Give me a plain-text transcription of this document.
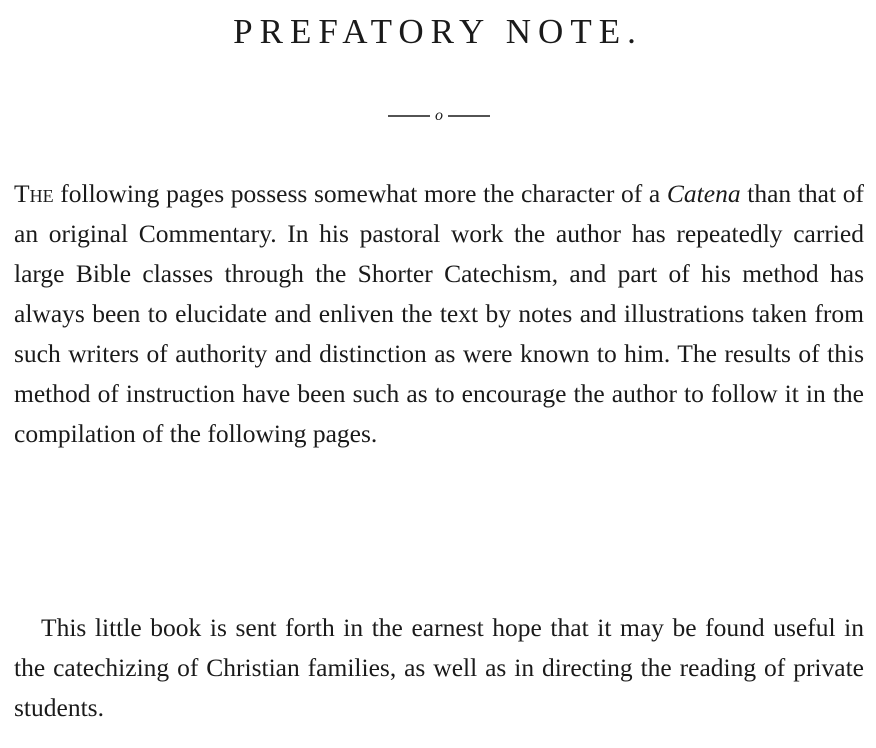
PREFATORY NOTE.
o

The following pages possess somewhat more the character of a Catena than that of an original Commentary. In his pastoral work the author has repeatedly carried large Bible classes through the Shorter Catechism, and part of his method has always been to elucidate and enliven the text by notes and illustrations taken from such writers of authority and distinction as were known to him. The results of this method of instruction have been such as to encourage the author to follow it in the compilation of the following pages.

This little book is sent forth in the earnest hope that it may be found useful in the catechizing of Christian families, as well as in directing the reading of private students.
